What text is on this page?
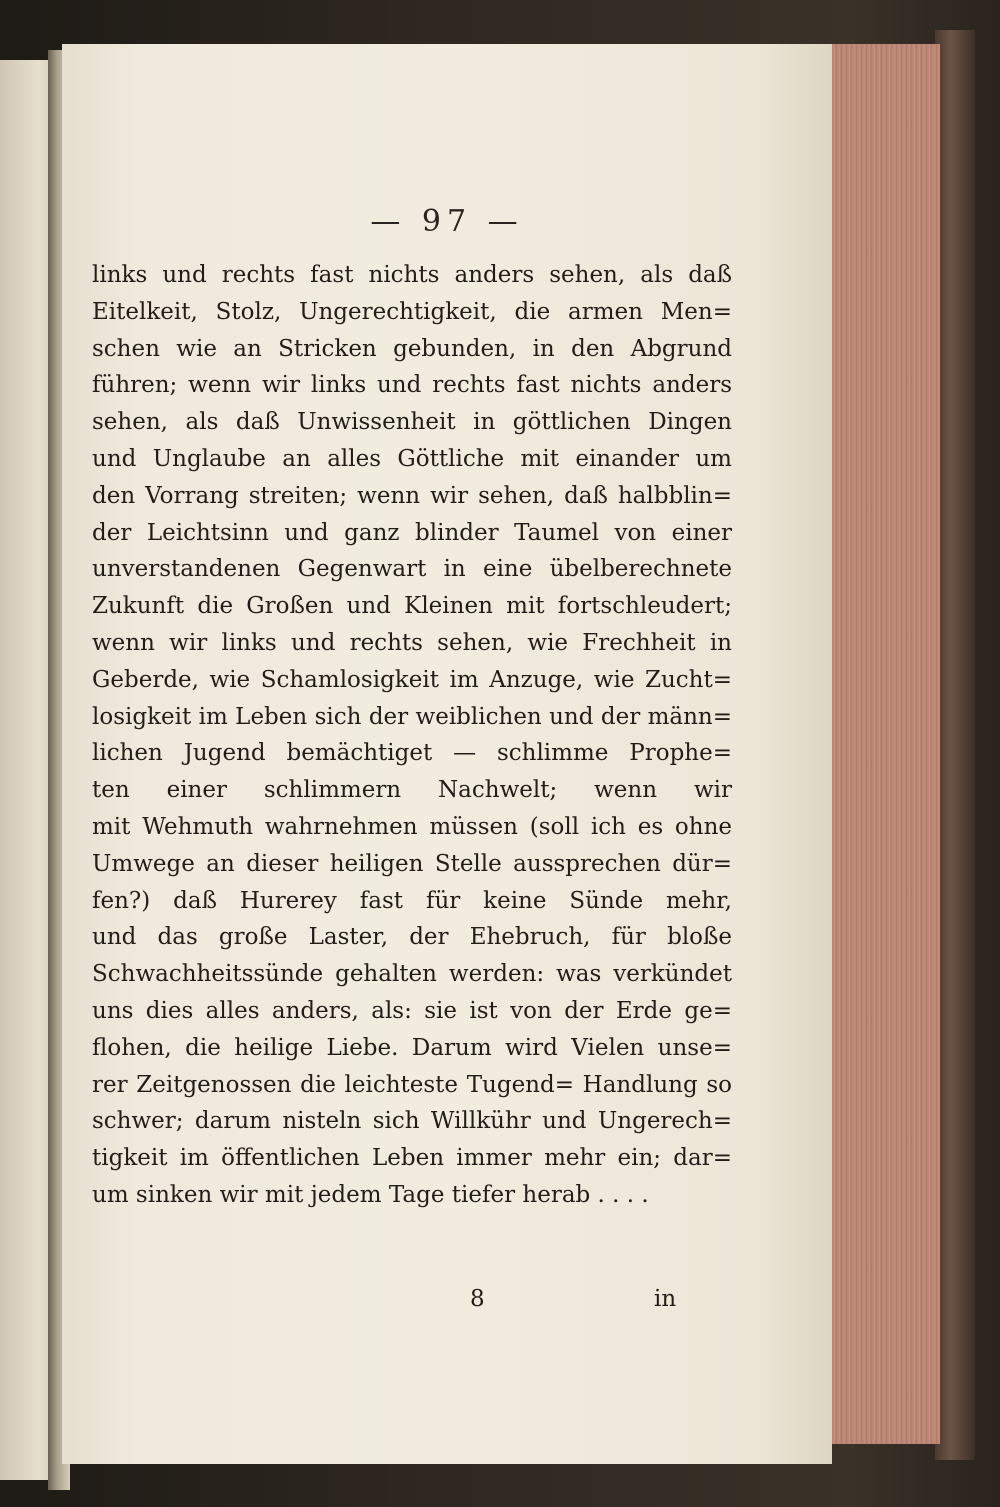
— 97 —
links und rechts fast nichts anders sehen, als daß
Eitelkeit, Stolz, Ungerechtigkeit, die armen Men=
schen wie an Stricken gebunden, in den Abgrund
führen; wenn wir links und rechts fast nichts anders
sehen, als daß Unwissenheit in göttlichen Dingen
und Unglaube an alles Göttliche mit einander um
den Vorrang streiten; wenn wir sehen, daß halbblin=
der Leichtsinn und ganz blinder Taumel von einer
unverstandenen Gegenwart in eine übelberechnete
Zukunft die Großen und Kleinen mit fortschleudert;
wenn wir links und rechts sehen, wie Frechheit in
Geberde, wie Schamlosigkeit im Anzuge, wie Zucht=
losigkeit im Leben sich der weiblichen und der männ=
lichen Jugend bemächtiget — schlimme Prophe=
ten einer schlimmern Nachwelt; wenn wir
mit Wehmuth wahrnehmen müssen (soll ich es ohne
Umwege an dieser heiligen Stelle aussprechen dür=
fen?) daß Hurerey fast für keine Sünde mehr,
und das große Laster, der Ehebruch, für bloße
Schwachheitssünde gehalten werden: was verkündet
uns dies alles anders, als: sie ist von der Erde ge=
flohen, die heilige Liebe. Darum wird Vielen unse=
rer Zeitgenossen die leichteste Tugend= Handlung so
schwer; darum nisteln sich Willkühr und Ungerech=
tigkeit im öffentlichen Leben immer mehr ein; dar=
um sinken wir mit jedem Tage tiefer herab . . . .
8	in
